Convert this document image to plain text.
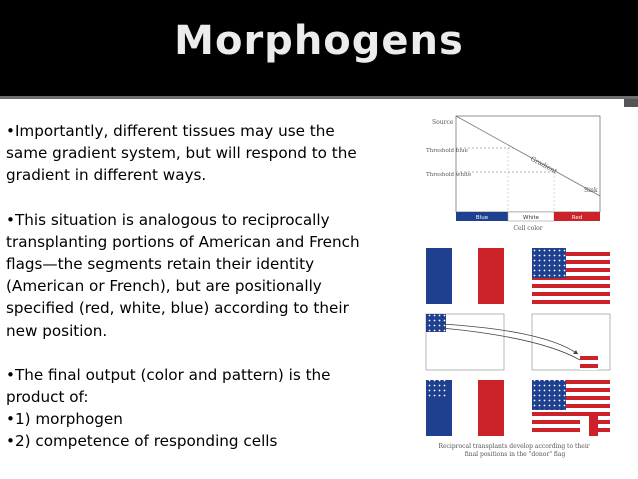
Morphogens

•Importantly, different tissues may use the same gradient system, but will respond to the gradient in different ways.

•This situation is analogous to reciprocally transplanting portions of American and French flags—the segments retain their identity (American or French), but are positionally specified (red, white, blue) according to their new position.

•The final output (color and pattern) is the product of:

•1) morphogen

•2) competence of responding cells

Source
Threshold blue
Threshold white	Gradient
Sink
Blue	White	Red
Cell color
Reciprocal transplants develop according to their final positions in the "donor" flag
